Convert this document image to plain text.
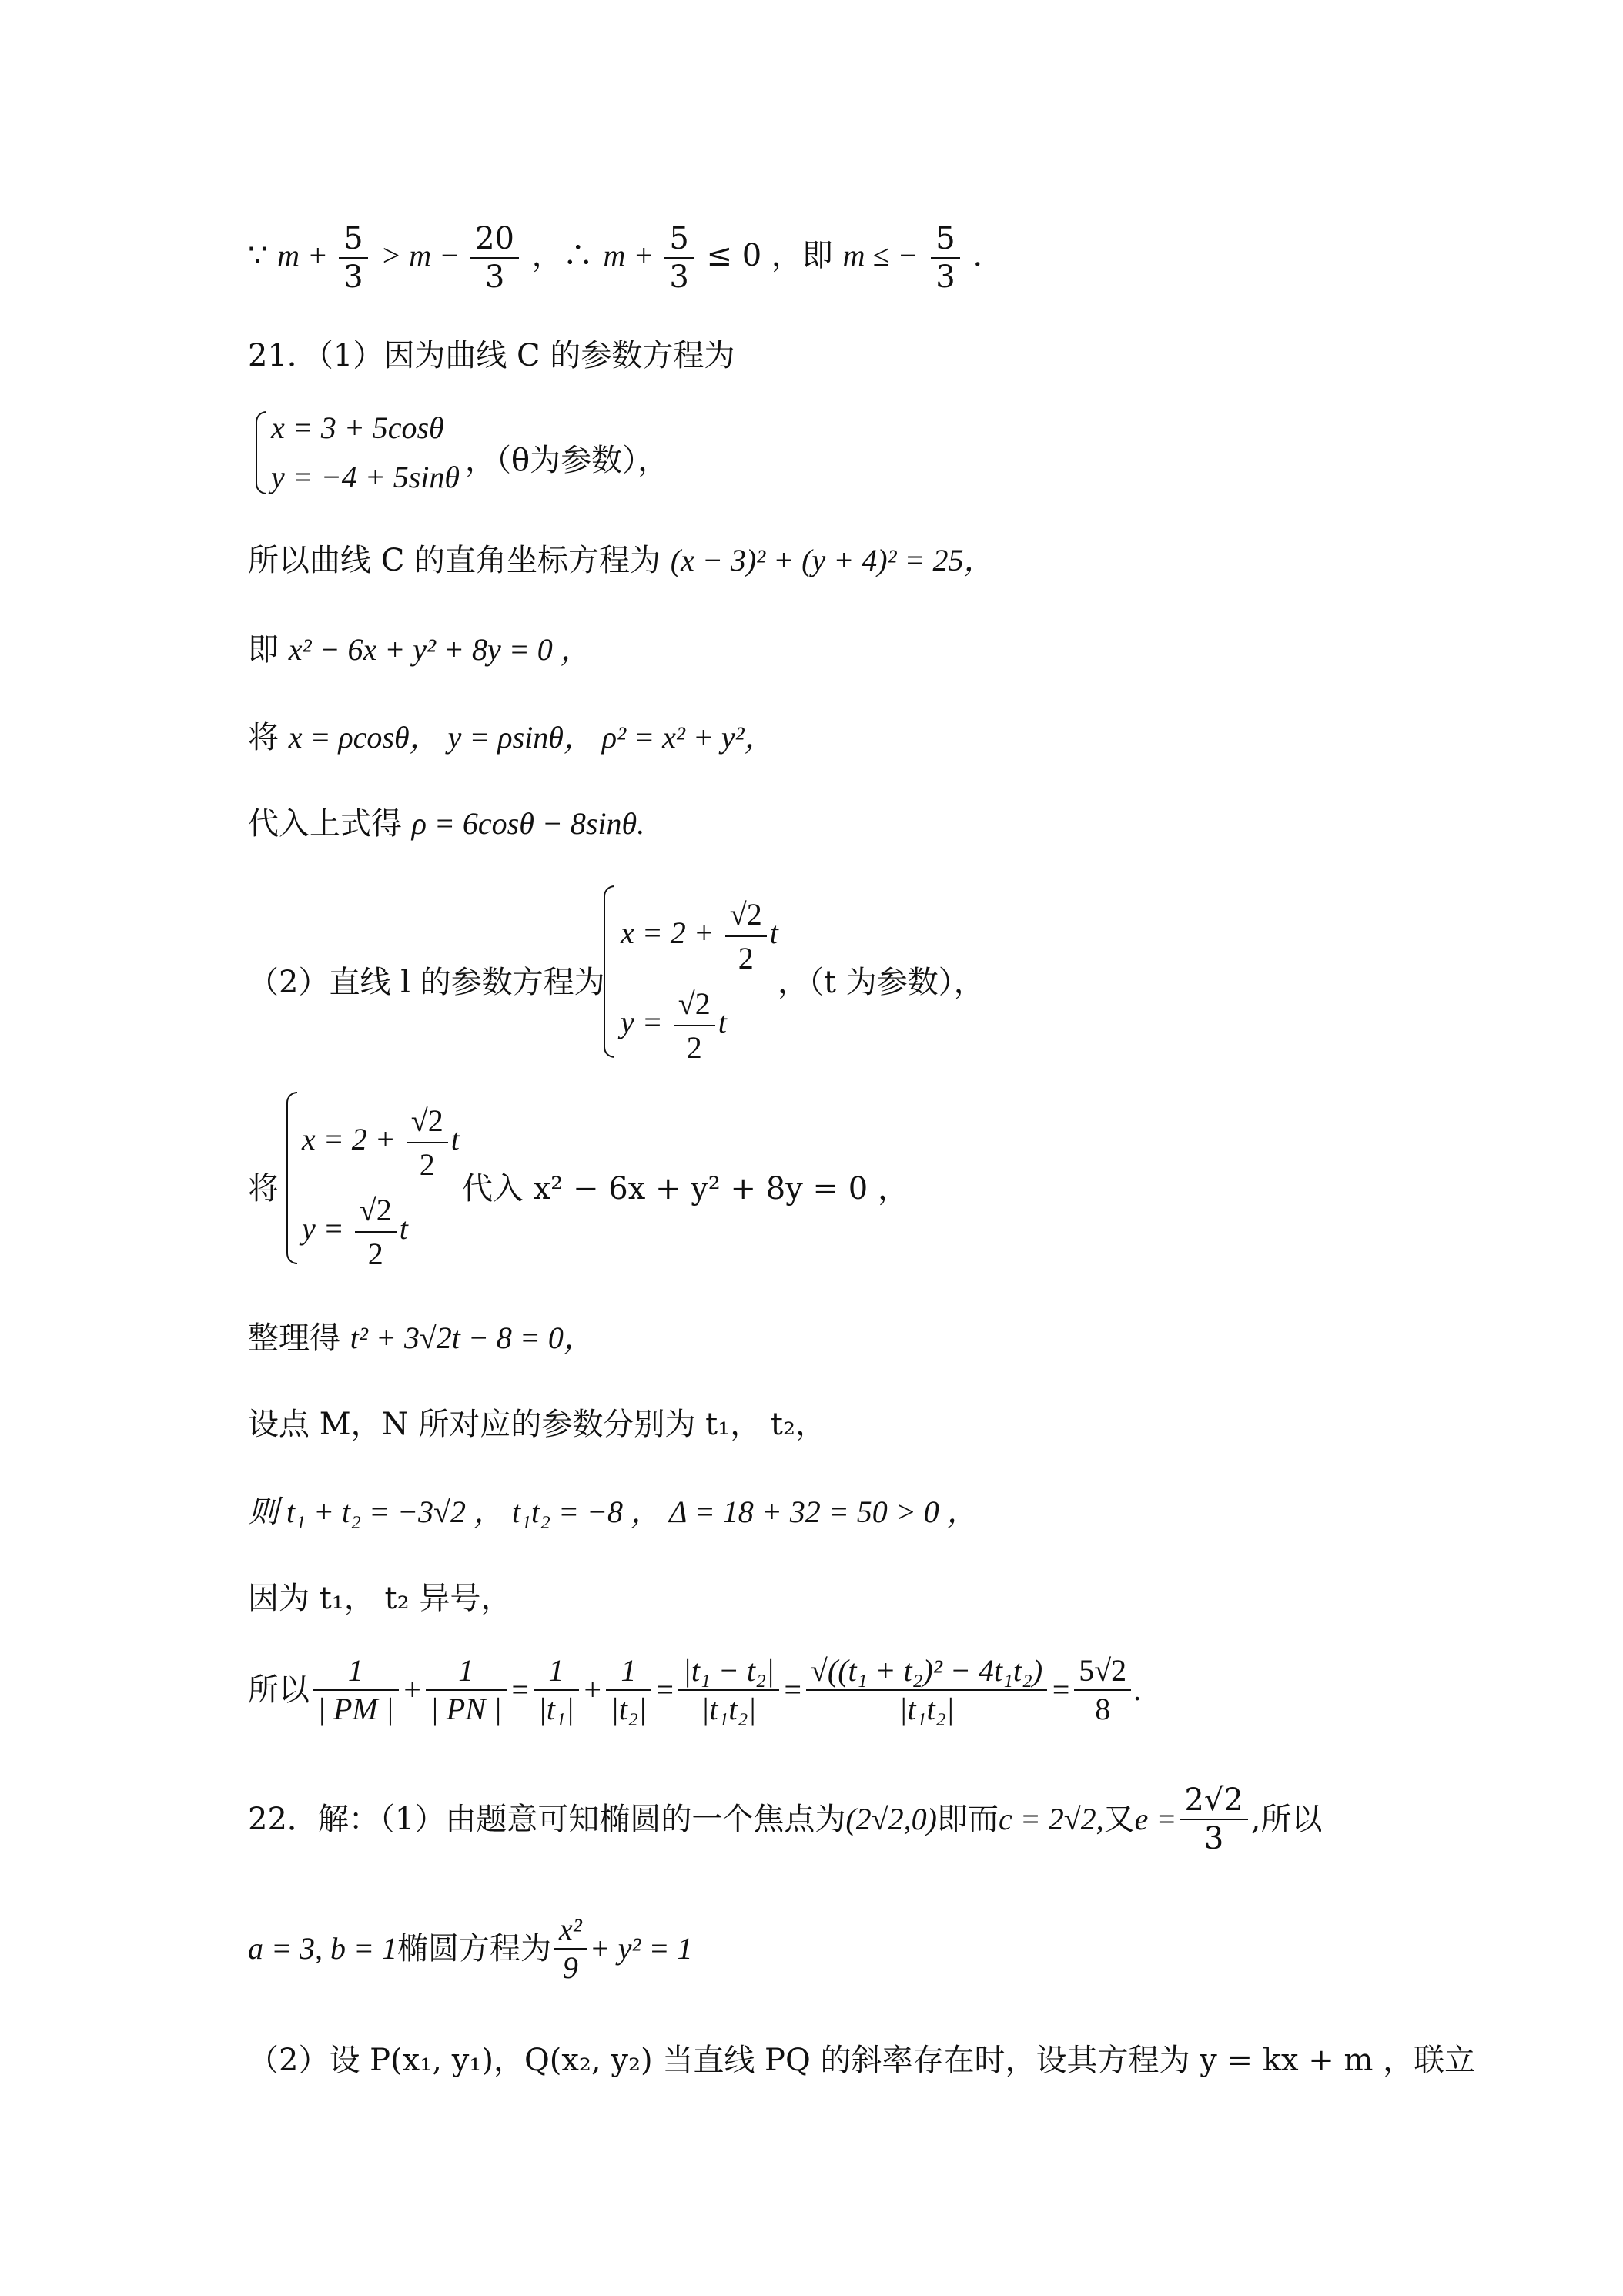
∵ $m + \frac{5}{3} > m - \frac{20}{3}$ ，∴ $m + \frac{5}{3} \le 0$ ，即 m ≤ − $\frac{5}{3}$ .
21．（1）因为曲线 C 的参数方程为
x = 3 + 5cosθ
y = −4 + 5sinθ ，（θ为参数），
所以曲线 C 的直角坐标方程为 (x − 3)² + (y + 4)² = 25，
即 x² − 6x + y² + 8y = 0 ，
将 x = ρcosθ， y = ρsinθ， ρ² = x² + y²，
代入上式得 ρ = 6cosθ − 8sinθ.
（2）直线 l 的参数方程为
$x = 2 + \frac{√2}{2}$ t
$y = \frac{√2}{2}$ t
，（t 为参数），
将
$x = 2 + \frac{√2}{2}$ t
$y = \frac{√2}{2}$ t
代入 x² − 6x + y² + 8y = 0 ，
整理得 t² + 3√2t − 8 = 0，
设点 M，N 所对应的参数分别为 t₁， t₂，
则 t₁ + t₂ = −3√2 ， t₁t₂ = −8 ， Δ = 18 + 32 = 50 > 0 ，
因为 t₁， t₂ 异号，
所以 $\frac{1}{| PM |} + \frac{1}{| PN |} = \frac{1}{\text{|t₁|}} + \frac{1}{\text{|t₂|}} = \frac{\text{|t₁ − t₂|}}{\text{|t₁t₂|}} = \frac{\text{√((t₁ + t₂)² − 4t₁t₂)}}{\text{|t₁t₂|}} = \frac{5√2}{8}$ .
22．解：（1）由题意可知椭圆的一个焦点为 (2√2,0) 即而 c = 2√2, 又 $e = \frac{2√2}{3}$ ,所以
a = 3, b = 1 椭圆方程为 $\frac{\text{x²}}{9} + y^2 = 1$
（2）设 P(x₁, y₁)，Q(x₂, y₂) 当直线 PQ 的斜率存在时，设其方程为 y = kx + m ，联立
